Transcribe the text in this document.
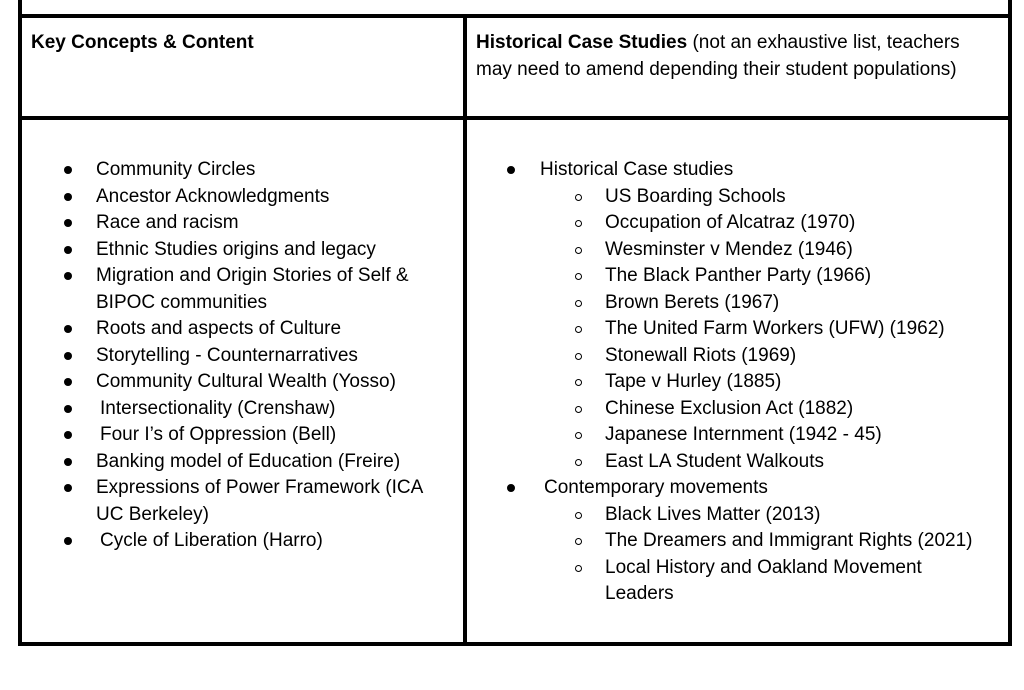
Key Concepts & Content	Historical Case Studies (not an exhaustive list, teachers may need to amend depending their student populations)
Community Circles
Ancestor Acknowledgments
Race and racism
Ethnic Studies origins and legacy
Migration and Origin Stories of Self & BIPOC communities
Roots and aspects of Culture
Storytelling - Counternarratives
Community Cultural Wealth (Yosso)
Intersectionality (Crenshaw)
Four I’s of Oppression (Bell)
Banking model of Education (Freire)
Expressions of Power Framework (ICA UC Berkeley)
Cycle of Liberation (Harro)
Historical Case studies
US Boarding Schools
Occupation of Alcatraz (1970)
Wesminster v Mendez (1946)
The Black Panther Party (1966)
Brown Berets (1967)
The United Farm Workers (UFW) (1962)
Stonewall Riots (1969)
Tape v Hurley (1885)
Chinese Exclusion Act (1882)
Japanese Internment (1942 - 45)
East LA Student Walkouts
Contemporary movements
Black Lives Matter (2013)
The Dreamers and Immigrant Rights (2021)
Local History and Oakland Movement Leaders
